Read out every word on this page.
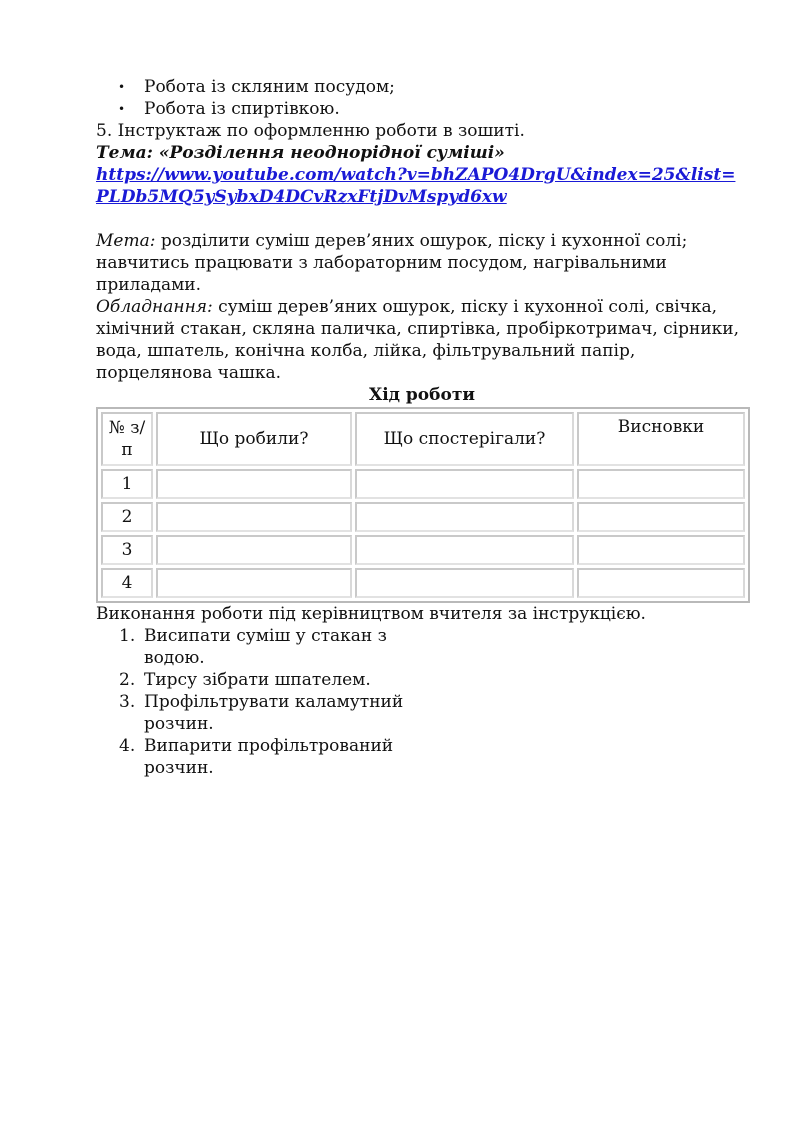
• Робота із скляним посудом;
• Робота із спиртівкою.
5. Інструктаж по оформленню роботи в зошиті.
Тема: «Розділення неоднорідної суміші»
https://www.youtube.com/watch?v=bhZAPO4DrgU&index=25&list=PLDb5MQ5ySybxD4DCvRzxFtjDvMspyd6xw
Мета: розділити суміш дерев’яних ошурок, піску і кухонної солі; навчитись працювати з лабораторним посудом, нагрівальними приладами.
Обладнання: суміш дерев’яних ошурок, піску і кухонної солі, свічка, хімічний стакан, скляна паличка, спиртівка, пробіркотримач, сірники, вода, шпатель, конічна колба, лійка, фільтрувальний папір, порцелянова чашка.
Хід роботи
№ з/п	Що робили?	Що спостерігали?	Висновки
1			
2			
3			
4			
Виконання роботи під керівництвом вчителя за інструкцією.
1. Висипати суміш у стакан з водою.
2. Тирсу зібрати шпателем.
3. Профільтрувати каламутний розчин.
4. Випарити профільтрований розчин.
